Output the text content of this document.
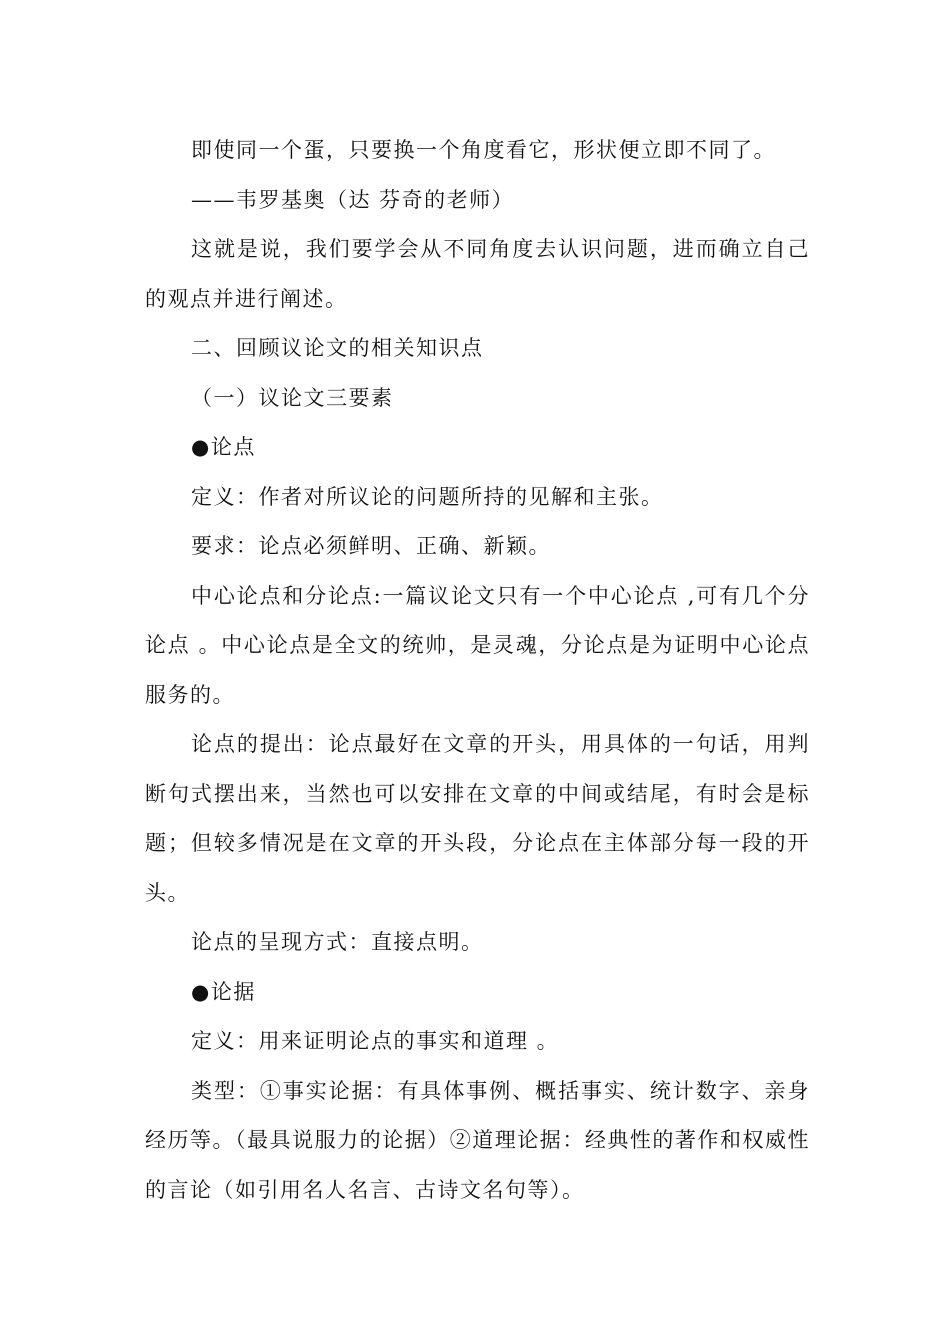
即使同一个蛋，只要换一个角度看它，形状便立即不同了。

——韦罗基奥（达 芬奇的老师）

这就是说，我们要学会从不同角度去认识问题，进而确立自己的观点并进行阐述。

二、回顾议论文的相关知识点

（一）议论文三要素

●论点

定义：作者对所议论的问题所持的见解和主张。

要求：论点必须鲜明、正确、新颖。

中心论点和分论点:一篇议论文只有一个中心论点 ,可有几个分论点 。中心论点是全文的统帅，是灵魂，分论点是为证明中心论点服务的。

论点的提出：论点最好在文章的开头，用具体的一句话，用判断句式摆出来，当然也可以安排在文章的中间或结尾，有时会是标题；但较多情况是在文章的开头段，分论点在主体部分每一段的开头。

论点的呈现方式：直接点明。

●论据

定义：用来证明论点的事实和道理 。

类型：①事实论据：有具体事例、概括事实、统计数字、亲身经历等。（最具说服力的论据）②道理论据：经典性的著作和权威性的言论（如引用名人名言、古诗文名句等）。
